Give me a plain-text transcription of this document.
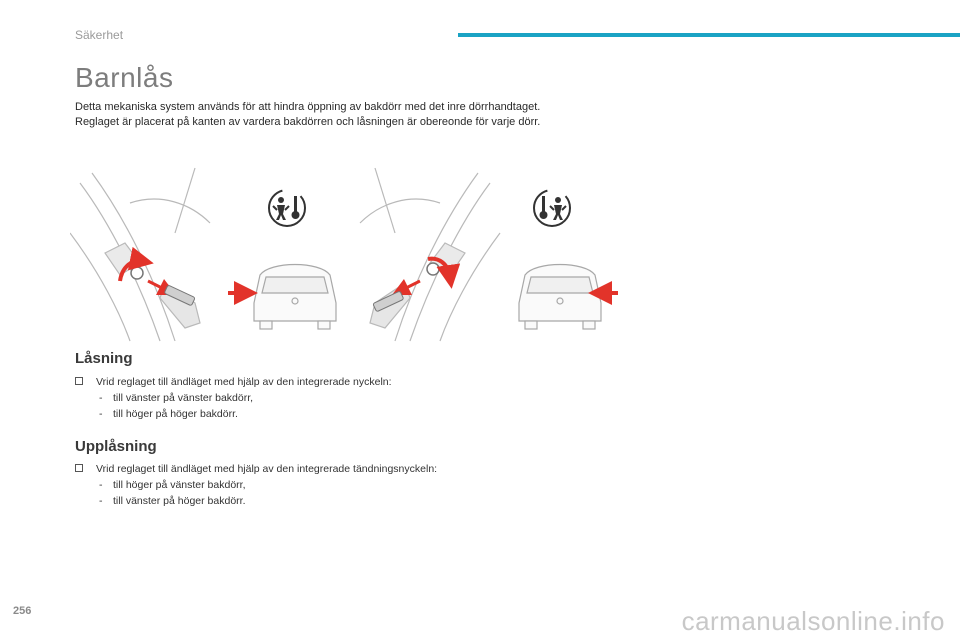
Säkerhet
Barnlås

Detta mekaniska system används för att hindra öppning av bakdörr med det inre dörrhandtaget.

Reglaget är placerat på kanten av vardera bakdörren och låsningen är obereonde för varje dörr.

Låsning
Vrid reglaget till ändläget med hjälp av den integrerade nyckeln:
- till vänster på vänster bakdörr,
- till höger på höger bakdörr.
Upplåsning
Vrid reglaget till ändläget med hjälp av den integrerade tändningsnyckeln:
- till höger på vänster bakdörr,
- till vänster på höger bakdörr.
256	carmanualsonline.info
